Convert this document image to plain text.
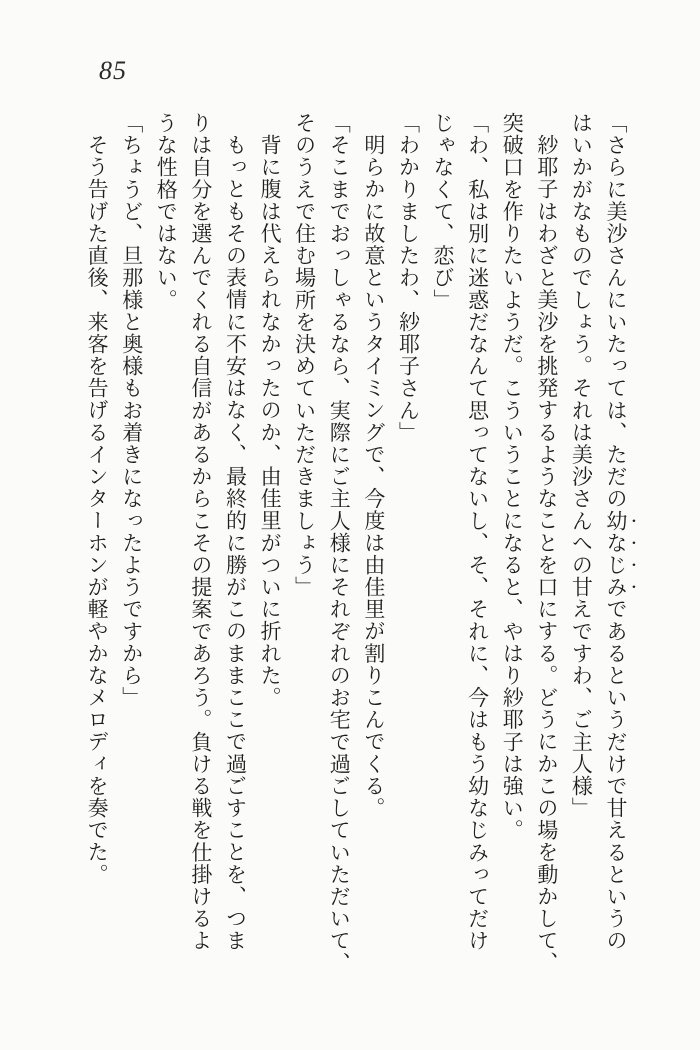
85
「さらに美沙さんにいたっては、ただの幼なじみであるというだけで甘えるというの
はいかがなものでしょう。それは美沙さんへの甘えですわ、ご主人様」
紗耶子はわざと美沙を挑発するようなことを口にする。どうにかこの場を動かして、
突破口を作りたいようだ。こういうことになると、やはり紗耶子は強い。
「わ、私は別に迷惑だなんて思ってないし、そ、それに、今はもう幼なじみってだけ
じゃなくて、恋び」
「わかりましたわ、紗耶子さん」
明らかに故意というタイミングで、今度は由佳里が割りこんでくる。
「そこまでおっしゃるなら、実際にご主人様にそれぞれのお宅で過ごしていただいて、
そのうえで住む場所を決めていただきましょう」
背に腹は代えられなかったのか、由佳里がついに折れた。
もっともその表情に不安はなく、最終的に勝がこのままここで過ごすことを、つま
りは自分を選んでくれる自信があるからこその提案であろう。負ける戦を仕掛けるよ
うな性格ではない。
「ちょうど、旦那様と奥様もお着きになったようですから」
そう告げた直後、来客を告げるインターホンが軽やかなメロディを奏でた。
